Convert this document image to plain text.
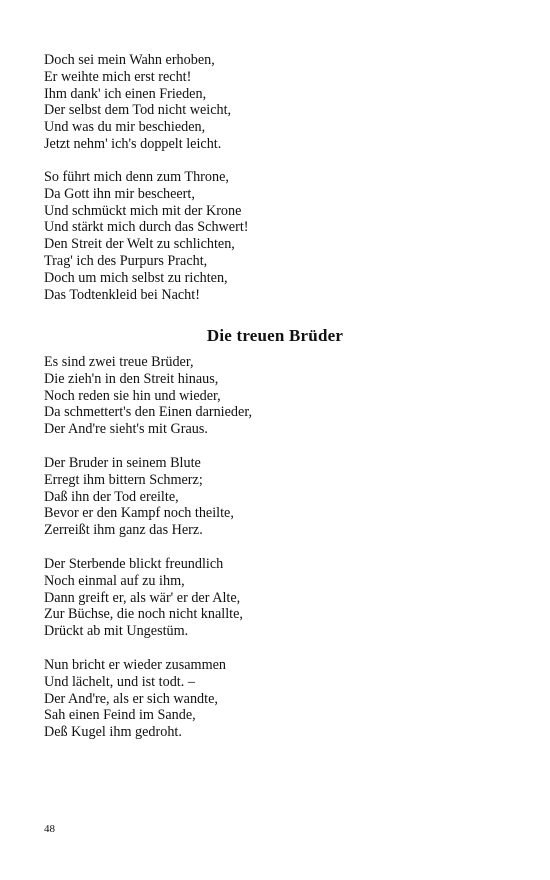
Doch sei mein Wahn erhoben,
Er weihte mich erst recht!
Ihm dank' ich einen Frieden,
Der selbst dem Tod nicht weicht,
Und was du mir beschieden,
Jetzt nehm' ich's doppelt leicht.
So führt mich denn zum Throne,
Da Gott ihn mir bescheert,
Und schmückt mich mit der Krone
Und stärkt mich durch das Schwert!
Den Streit der Welt zu schlichten,
Trag' ich des Purpurs Pracht,
Doch um mich selbst zu richten,
Das Todtenkleid bei Nacht!
Die treuen Brüder
Es sind zwei treue Brüder,
Die zieh'n in den Streit hinaus,
Noch reden sie hin und wieder,
Da schmettert's den Einen darnieder,
Der And're sieht's mit Graus.
Der Bruder in seinem Blute
Erregt ihm bittern Schmerz;
Daß ihn der Tod ereilte,
Bevor er den Kampf noch theilte,
Zerreißt ihm ganz das Herz.
Der Sterbende blickt freundlich
Noch einmal auf zu ihm,
Dann greift er, als wär' er der Alte,
Zur Büchse, die noch nicht knallte,
Drückt ab mit Ungestüm.
Nun bricht er wieder zusammen
Und lächelt, und ist todt. –
Der And're, als er sich wandte,
Sah einen Feind im Sande,
Deß Kugel ihm gedroht.
48
